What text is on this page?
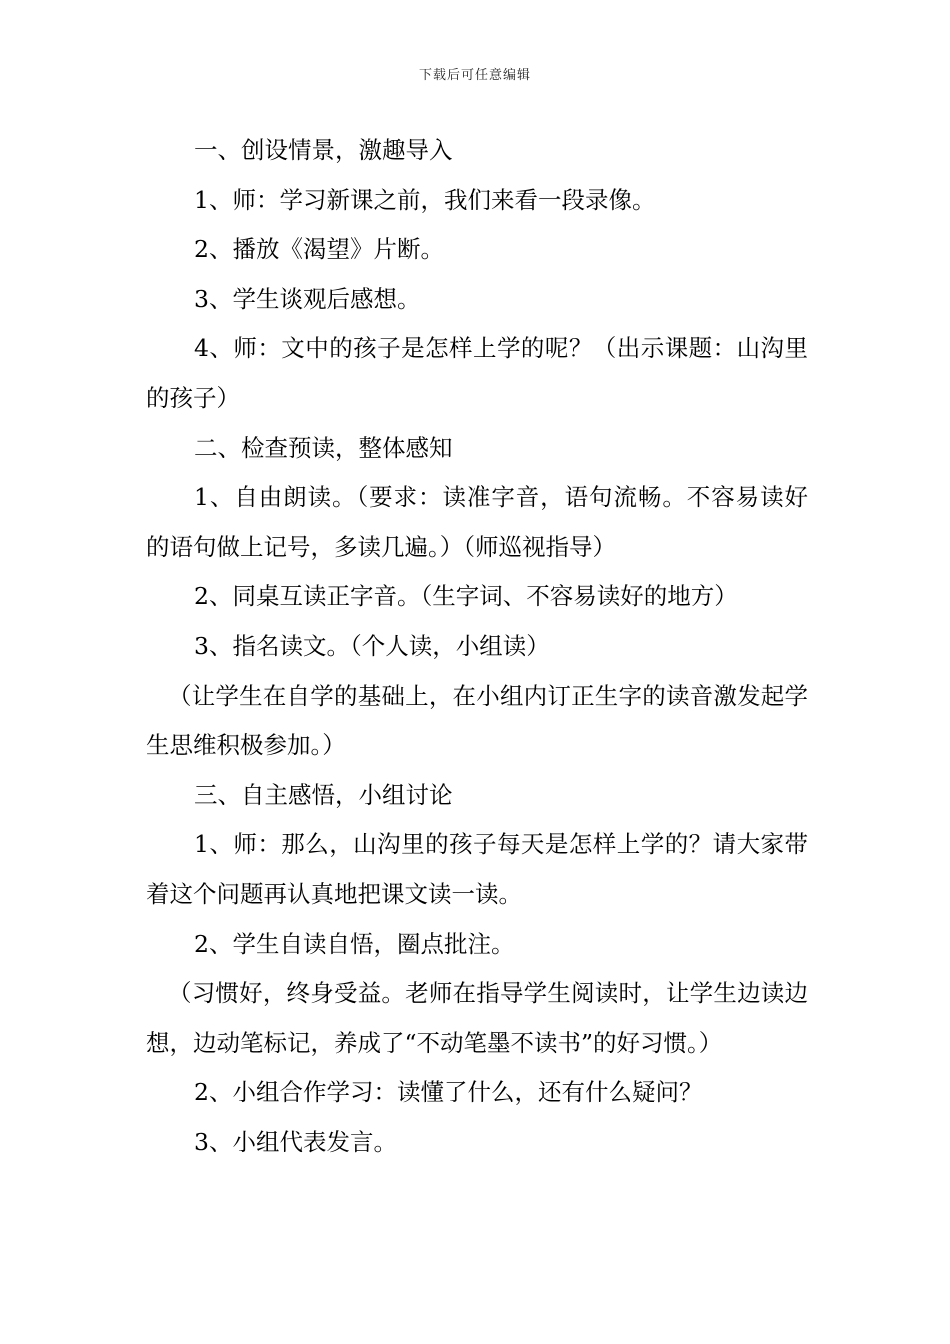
下载后可任意编辑

一、创设情景，激趣导入

1、师：学习新课之前，我们来看一段录像。

2、播放《渴望》片断。

3、学生谈观后感想。

4、师：文中的孩子是怎样上学的呢？（出示课题：山沟里的孩子）

二、检查预读，整体感知

1、自由朗读。（要求：读准字音，语句流畅。不容易读好的语句做上记号，多读几遍。）（师巡视指导）

2、同桌互读正字音。（生字词、不容易读好的地方）

3、指名读文。（个人读，小组读）

（让学生在自学的基础上，在小组内订正生字的读音激发起学生思维积极参加。）

三、自主感悟，小组讨论

1、师：那么，山沟里的孩子每天是怎样上学的？请大家带着这个问题再认真地把课文读一读。

2、学生自读自悟，圈点批注。

（习惯好，终身受益。老师在指导学生阅读时，让学生边读边想，边动笔标记，养成了“不动笔墨不读书”的好习惯。）

2、小组合作学习：读懂了什么，还有什么疑问？

3、小组代表发言。
